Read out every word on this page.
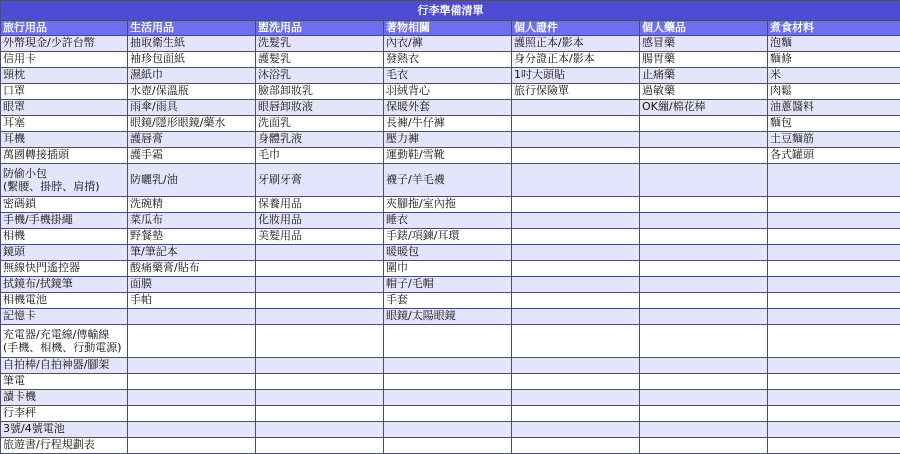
行李準備清單						
旅行用品	生活用品	盥洗用品	著物相關	個人證件	個人藥品	煮食材料
外幣現金/少許台幣	抽取衛生紙	洗髮乳	內衣/褲	護照正本/影本	感冒藥	泡麵
信用卡	袖珍包面紙	護髮乳	發熱衣	身分證正本/影本	腸胃藥	麵條
頸枕	濕紙巾	沐浴乳	毛衣	1吋大頭貼	止痛藥	米
口罩	水壺/保溫瓶	臉部卸妝乳	羽絨背心	旅行保險單	過敏藥	肉鬆
眼罩	雨傘/雨具	眼唇卸妝液	保暖外套		OK繃/棉花棒	油蔥醬料
耳塞	眼鏡/隱形眼鏡/藥水	洗面乳	長褲/牛仔褲			麵包
耳機	護唇膏	身體乳液	壓力褲			土豆麵筋
萬國轉接插頭	護手霜	毛巾	運動鞋/雪靴			各式罐頭
防偷小包
(繫腰、掛脖、肩揹)	防曬乳/油	牙刷牙膏	襪子/羊毛襪			
密碼鎖	洗碗精	保養用品	夾腳拖/室內拖			
手機/手機掛繩	菜瓜布	化妝用品	睡衣			
相機	野餐墊	美髮用品	手錶/項鍊/耳環			
鏡頭	筆/筆記本		暖暖包			
無線快門遙控器	酸痛藥膏/貼布		圍巾			
拭鏡布/拭鏡筆	面膜		帽子/毛帽			
相機電池	手帕		手套			
記憶卡			眼鏡/太陽眼鏡			
充電器/充電線/傳輸線
(手機、相機、行動電源)						
自拍棒/自拍神器/腳架						
筆電						
讀卡機						
行李秤						
3號/4號電池						
旅遊書/行程規劃表						
